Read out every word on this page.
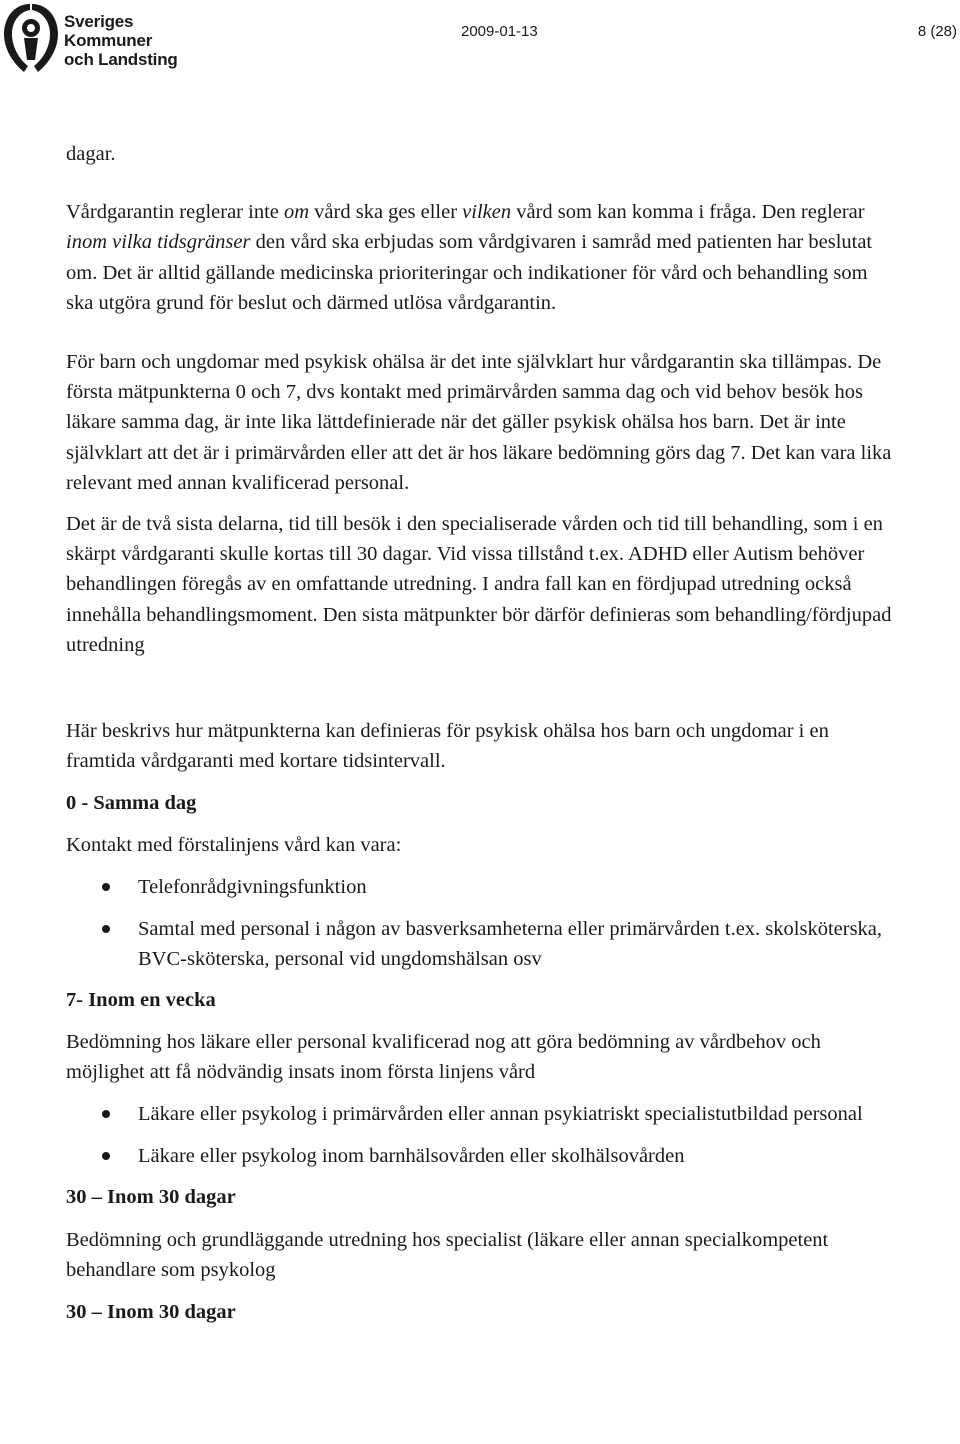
Sveriges
Kommuner
och Landsting
2009-01-13	8 (28)

dagar.

Vårdgarantin reglerar inte om vård ska ges eller vilken vård som kan komma i fråga. Den reglerar inom vilka tidsgränser den vård ska erbjudas som vårdgivaren i samråd med patienten har beslutat om. Det är alltid gällande medicinska prioriteringar och indikationer för vård och behandling som ska utgöra grund för beslut och därmed utlösa vårdgarantin.

För barn och ungdomar med psykisk ohälsa är det inte självklart hur vårdgarantin ska tillämpas. De första mätpunkterna 0 och 7, dvs kontakt med primärvården samma dag och vid behov besök hos läkare samma dag, är inte lika lättdefinierade när det gäller psykisk ohälsa hos barn. Det är inte självklart att det är i primärvården eller att det är hos läkare bedömning görs dag 7. Det kan vara lika relevant med annan kvalificerad personal.

Det är de två sista delarna, tid till besök i den specialiserade vården och tid till behandling, som i en skärpt vårdgaranti skulle kortas till 30 dagar. Vid vissa tillstånd t.ex. ADHD eller Autism behöver behandlingen föregås av en omfattande utredning. I andra fall kan en fördjupad utredning också innehålla behandlingsmoment. Den sista mätpunkter bör därför definieras som behandling/fördjupad utredning

Här beskrivs hur mätpunkterna kan definieras för psykisk ohälsa hos barn och ungdomar i en framtida vårdgaranti med kortare tidsintervall.

0 - Samma dag

Kontakt med förstalinjens vård kan vara:

Telefonrådgivningsfunktion
Samtal med personal i någon av basverksamheterna eller primärvården t.ex. skolsköterska, BVC-sköterska, personal vid ungdomshälsan osv
7- Inom en vecka

Bedömning hos läkare eller personal kvalificerad nog att göra bedömning av vårdbehov och möjlighet att få nödvändig insats inom första linjens vård

Läkare eller psykolog i primärvården eller annan psykiatriskt specialistutbildad personal
Läkare eller psykolog inom barnhälsovården eller skolhälsovården
30 – Inom 30 dagar

Bedömning och grundläggande utredning hos specialist (läkare eller annan specialkompetent behandlare som psykolog

30 – Inom 30 dagar
